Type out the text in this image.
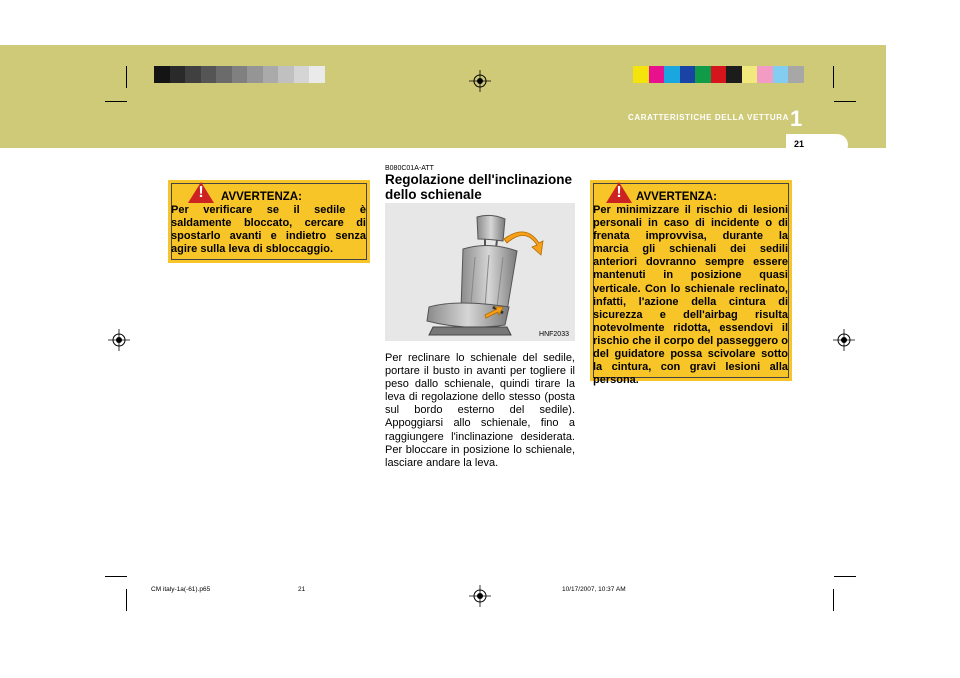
CARATTERISTICHE DELLA VETTURA 1
21
!	AVVERTENZA:
Per verificare se il sedile è saldamente bloccato, cercare di spostarlo avanti e indietro senza agire sulla leva di sbloccaggio.
B080C01A-ATT
Regolazione dell'inclinazione dello schienale
HNF2033
Per reclinare lo schienale del sedile, portare il busto in avanti per togliere il peso dallo schienale, quindi tirare la leva di regolazione dello stesso (posta sul bordo esterno del sedile). Appoggiarsi allo schienale, fino a raggiungere l'inclinazione desiderata. Per bloccare in posizione lo schienale, lasciare andare la leva.
!	AVVERTENZA:
Per minimizzare il rischio di lesioni personali in caso di incidente o di frenata improvvisa, durante la marcia gli schienali dei sedili anteriori dovranno sempre essere mantenuti in posizione quasi verticale. Con lo schienale reclinato, infatti, l'azione della cintura di sicurezza e dell'airbag risulta notevolmente ridotta, essendovi il rischio che il corpo del passeggero o del guidatore possa scivolare sotto la cintura, con gravi lesioni alla persona.
CM italy-1a(-61).p65	21	10/17/2007, 10:37 AM
